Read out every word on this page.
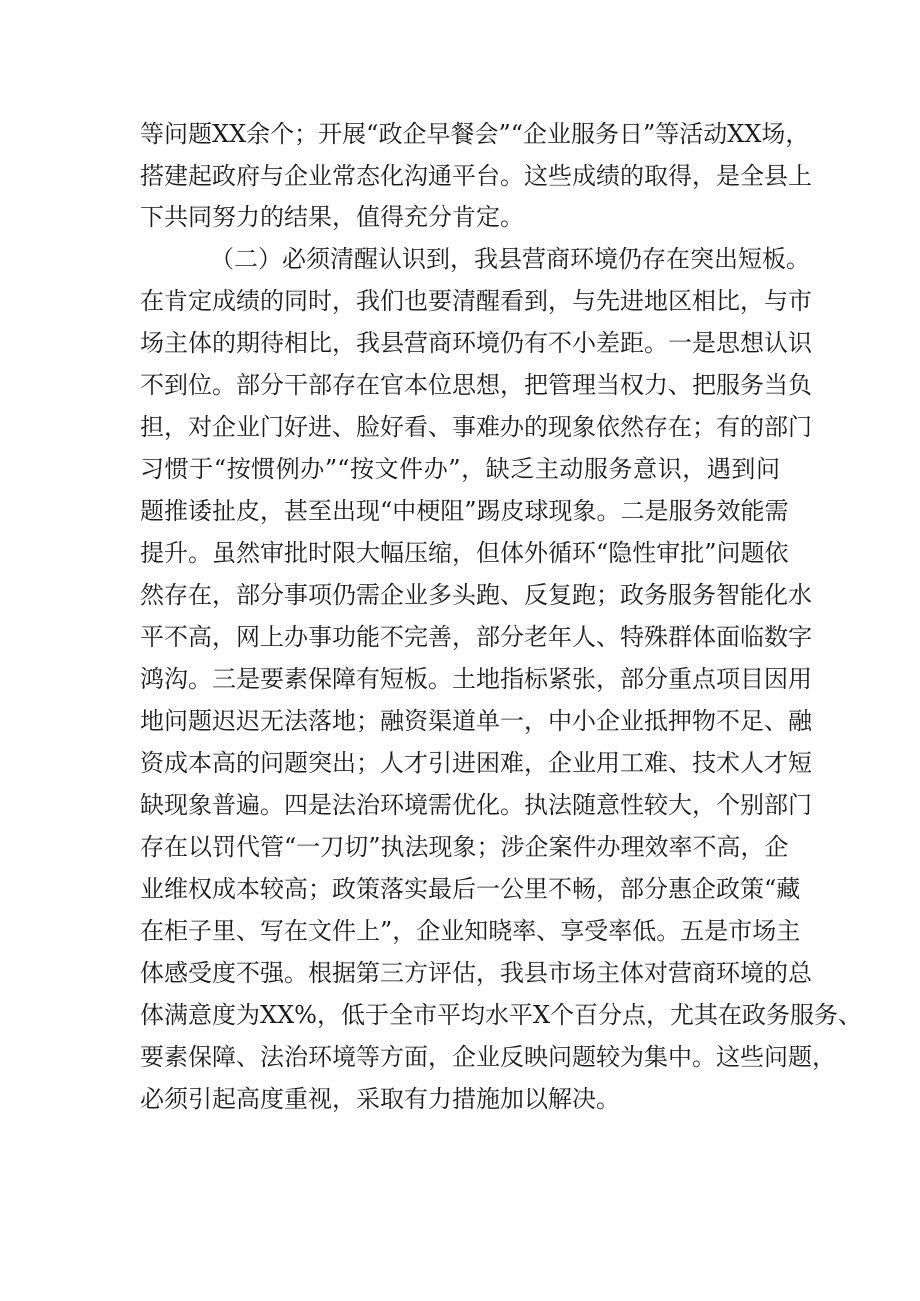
等问题XX余个；开展“政企早餐会”“企业服务日”等活动XX场，
搭建起政府与企业常态化沟通平台。这些成绩的取得，是全县上
下共同努力的结果，值得充分肯定。
（二）必须清醒认识到，我县营商环境仍存在突出短板。
在肯定成绩的同时，我们也要清醒看到，与先进地区相比，与市
场主体的期待相比，我县营商环境仍有不小差距。一是思想认识
不到位。部分干部存在官本位思想，把管理当权力、把服务当负
担，对企业门好进、脸好看、事难办的现象依然存在；有的部门
习惯于“按惯例办”“按文件办”，缺乏主动服务意识，遇到问
题推诿扯皮，甚至出现“中梗阻”踢皮球现象。二是服务效能需
提升。虽然审批时限大幅压缩，但体外循环“隐性审批”问题依
然存在，部分事项仍需企业多头跑、反复跑；政务服务智能化水
平不高，网上办事功能不完善，部分老年人、特殊群体面临数字
鸿沟。三是要素保障有短板。土地指标紧张，部分重点项目因用
地问题迟迟无法落地；融资渠道单一，中小企业抵押物不足、融
资成本高的问题突出；人才引进困难，企业用工难、技术人才短
缺现象普遍。四是法治环境需优化。执法随意性较大，个别部门
存在以罚代管“一刀切”执法现象；涉企案件办理效率不高，企
业维权成本较高；政策落实最后一公里不畅，部分惠企政策“藏
在柜子里、写在文件上”，企业知晓率、享受率低。五是市场主
体感受度不强。根据第三方评估，我县市场主体对营商环境的总
体满意度为XX%，低于全市平均水平X个百分点，尤其在政务服务、
要素保障、法治环境等方面，企业反映问题较为集中。这些问题，
必须引起高度重视，采取有力措施加以解决。
